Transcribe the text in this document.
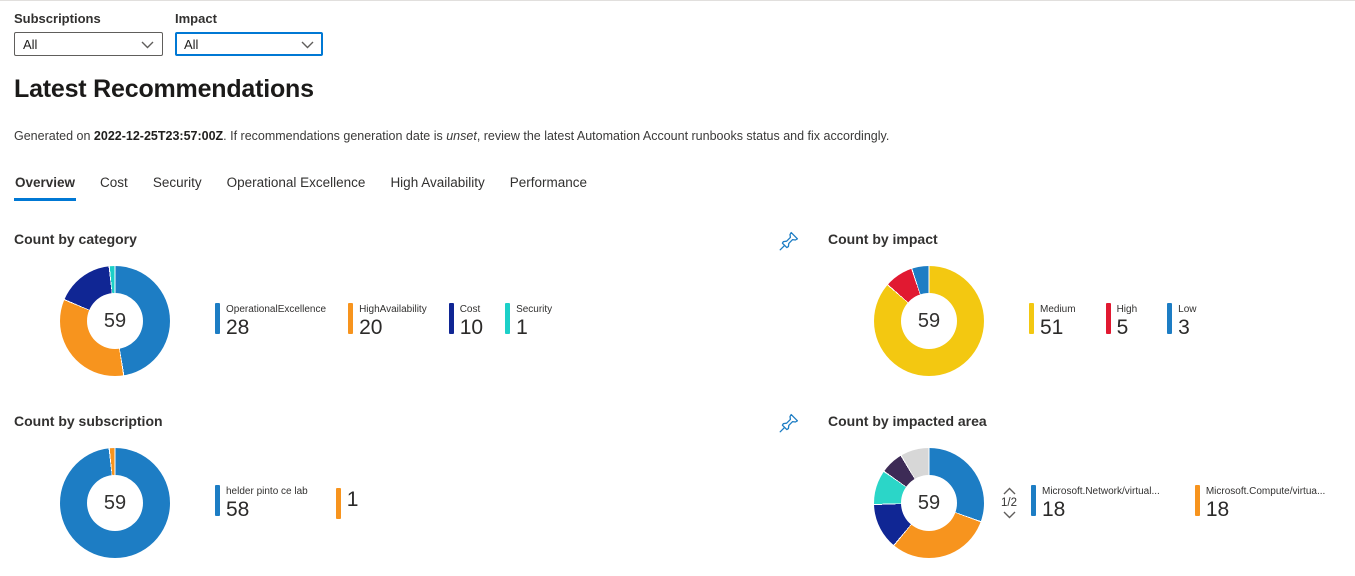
Subscriptions
All
Impact
All
Latest Recommendations

Generated on 2022-12-25T23:57:00Z. If recommendations generation date is unset, review the latest Automation Account runbooks status and fix accordingly.

Overview Cost Security Operational Excellence High Availability Performance
Count by category
59
OperationalExcellence
28
HighAvailability
20
Cost
10
Security
1
Count by impact
59
Medium
51
High
5
Low
3
Count by subscription
59
helder pinto ce lab
58	1
Count by impacted area
59	1/2
Microsoft.Network/virtual...
18
Microsoft.Compute/virtua...
18
